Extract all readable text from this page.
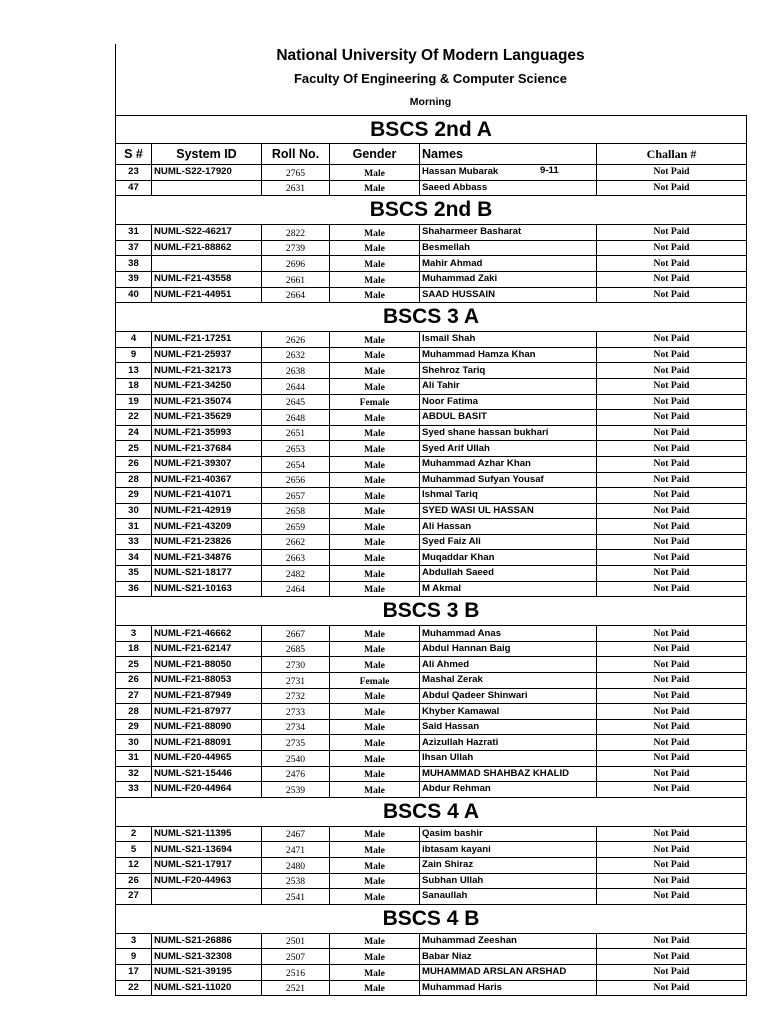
National University Of Modern Languages
Faculty Of Engineering & Computer Science
Morning
BSCS 2nd A					
S #	System ID	Roll No.	Gender	Names	Challan #
23	NUML-S22-17920	2765	Male	Hassan Mubarak 9-11	Not Paid
47		2631	Male	Saeed Abbass	Not Paid
BSCS 2nd B					
31	NUML-S22-46217	2822	Male	Shaharmeer Basharat	Not Paid
37	NUML-F21-88862	2739	Male	Besmellah	Not Paid
38		2696	Male	Mahir Ahmad	Not Paid
39	NUML-F21-43558	2661	Male	Muhammad Zaki	Not Paid
40	NUML-F21-44951	2664	Male	SAAD HUSSAIN	Not Paid
BSCS 3 A					
4	NUML-F21-17251	2626	Male	Ismail Shah	Not Paid
9	NUML-F21-25937	2632	Male	Muhammad Hamza Khan	Not Paid
13	NUML-F21-32173	2638	Male	Shehroz Tariq	Not Paid
18	NUML-F21-34250	2644	Male	Ali Tahir	Not Paid
19	NUML-F21-35074	2645	Female	Noor Fatima	Not Paid
22	NUML-F21-35629	2648	Male	ABDUL BASIT	Not Paid
24	NUML-F21-35993	2651	Male	Syed shane hassan bukhari	Not Paid
25	NUML-F21-37684	2653	Male	Syed Arif Ullah	Not Paid
26	NUML-F21-39307	2654	Male	Muhammad Azhar Khan	Not Paid
28	NUML-F21-40367	2656	Male	Muhammad Sufyan Yousaf	Not Paid
29	NUML-F21-41071	2657	Male	Ishmal Tariq	Not Paid
30	NUML-F21-42919	2658	Male	SYED WASI UL HASSAN	Not Paid
31	NUML-F21-43209	2659	Male	Ali Hassan	Not Paid
33	NUML-F21-23826	2662	Male	Syed Faiz Ali	Not Paid
34	NUML-F21-34876	2663	Male	Muqaddar Khan	Not Paid
35	NUML-S21-18177	2482	Male	Abdullah Saeed	Not Paid
36	NUML-S21-10163	2464	Male	M Akmal	Not Paid
BSCS 3 B					
3	NUML-F21-46662	2667	Male	Muhammad Anas	Not Paid
18	NUML-F21-62147	2685	Male	Abdul Hannan Baig	Not Paid
25	NUML-F21-88050	2730	Male	Ali Ahmed	Not Paid
26	NUML-F21-88053	2731	Female	Mashal Zerak	Not Paid
27	NUML-F21-87949	2732	Male	Abdul Qadeer Shinwari	Not Paid
28	NUML-F21-87977	2733	Male	Khyber Kamawal	Not Paid
29	NUML-F21-88090	2734	Male	Said Hassan	Not Paid
30	NUML-F21-88091	2735	Male	Azizullah Hazrati	Not Paid
31	NUML-F20-44965	2540	Male	Ihsan Ullah	Not Paid
32	NUML-S21-15446	2476	Male	MUHAMMAD SHAHBAZ KHALID	Not Paid
33	NUML-F20-44964	2539	Male	Abdur Rehman	Not Paid
BSCS 4 A					
2	NUML-S21-11395	2467	Male	Qasim bashir	Not Paid
5	NUML-S21-13694	2471	Male	ibtasam kayani	Not Paid
12	NUML-S21-17917	2480	Male	Zain Shiraz	Not Paid
26	NUML-F20-44963	2538	Male	Subhan Ullah	Not Paid
27		2541	Male	Sanaullah	Not Paid
BSCS 4 B					
3	NUML-S21-26886	2501	Male	Muhammad Zeeshan	Not Paid
9	NUML-S21-32308	2507	Male	Babar Niaz	Not Paid
17	NUML-S21-39195	2516	Male	MUHAMMAD ARSLAN ARSHAD	Not Paid
22	NUML-S21-11020	2521	Male	Muhammad Haris	Not Paid
